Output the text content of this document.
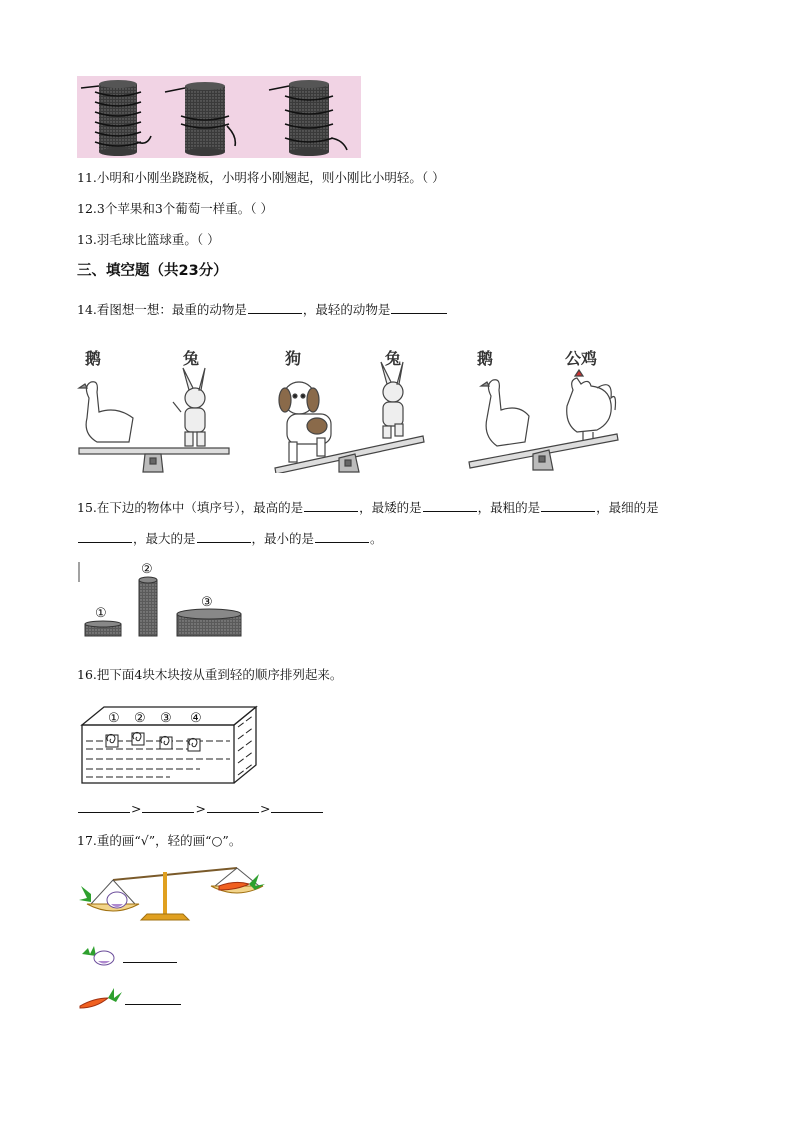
11.小明和小刚坐跷跷板，小明将小刚翘起，则小刚比小明轻。（ ）
12.3个苹果和3个葡萄一样重。（ ）
13.羽毛球比篮球重。（ ）
三、填空题（共23分）
14.看图想一想：最重的动物是	，最轻的动物是
鹅	兔	狗	兔	鹅	公鸡
15.在下边的物体中（填序号），最高的是	，最矮的是	，最粗的是	，最细的是
，最大的是	，最小的是	。
①
②
③
16.把下面4块木块按从重到轻的顺序排列起来。
① ② ③ ④
>	>	>
17.重的画“√”，轻的画“○”。
